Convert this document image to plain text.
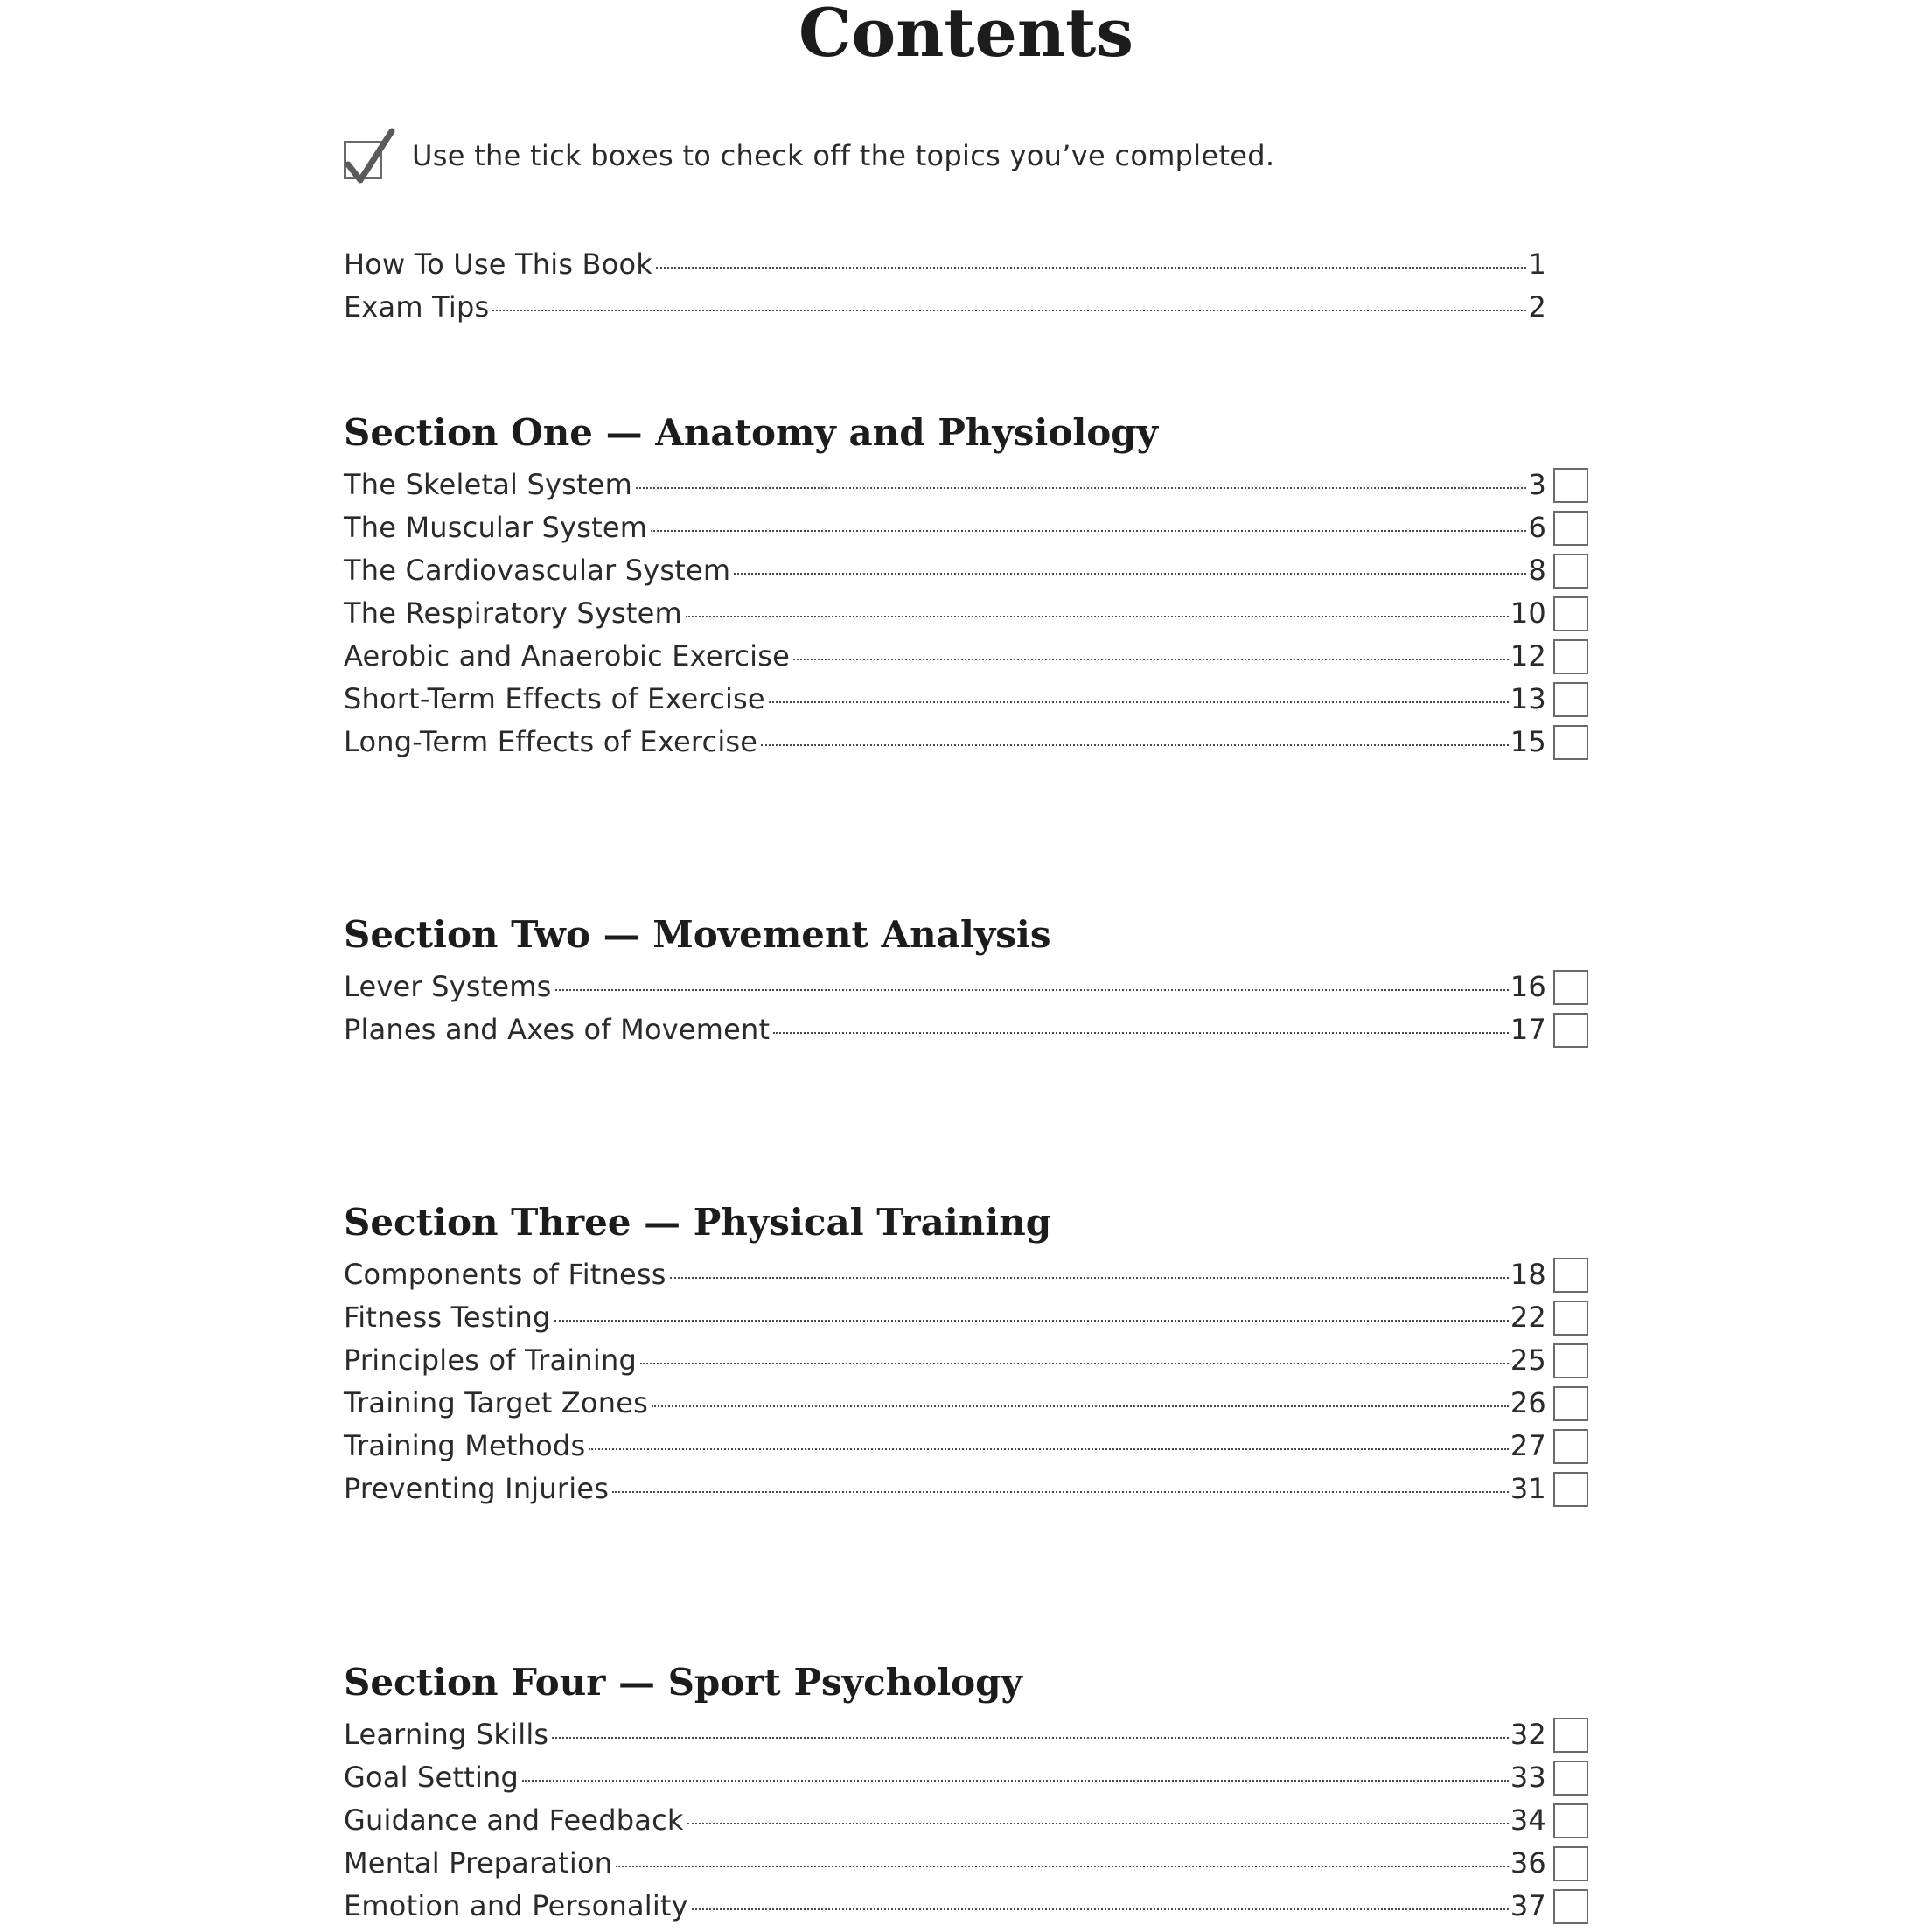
Contents
Use the tick boxes to check off the topics you’ve completed.
How To Use This Book	1
Exam Tips	2
Section One — Anatomy and Physiology
The Skeletal System	3
The Muscular System	6
The Cardiovascular System	8
The Respiratory System	10
Aerobic and Anaerobic Exercise	12
Short-Term Effects of Exercise	13
Long-Term Effects of Exercise	15
Section Two — Movement Analysis
Lever Systems	16
Planes and Axes of Movement	17
Section Three — Physical Training
Components of Fitness	18
Fitness Testing	22
Principles of Training	25
Training Target Zones	26
Training Methods	27
Preventing Injuries	31
Section Four — Sport Psychology
Learning Skills	32
Goal Setting	33
Guidance and Feedback	34
Mental Preparation	36
Emotion and Personality	37
